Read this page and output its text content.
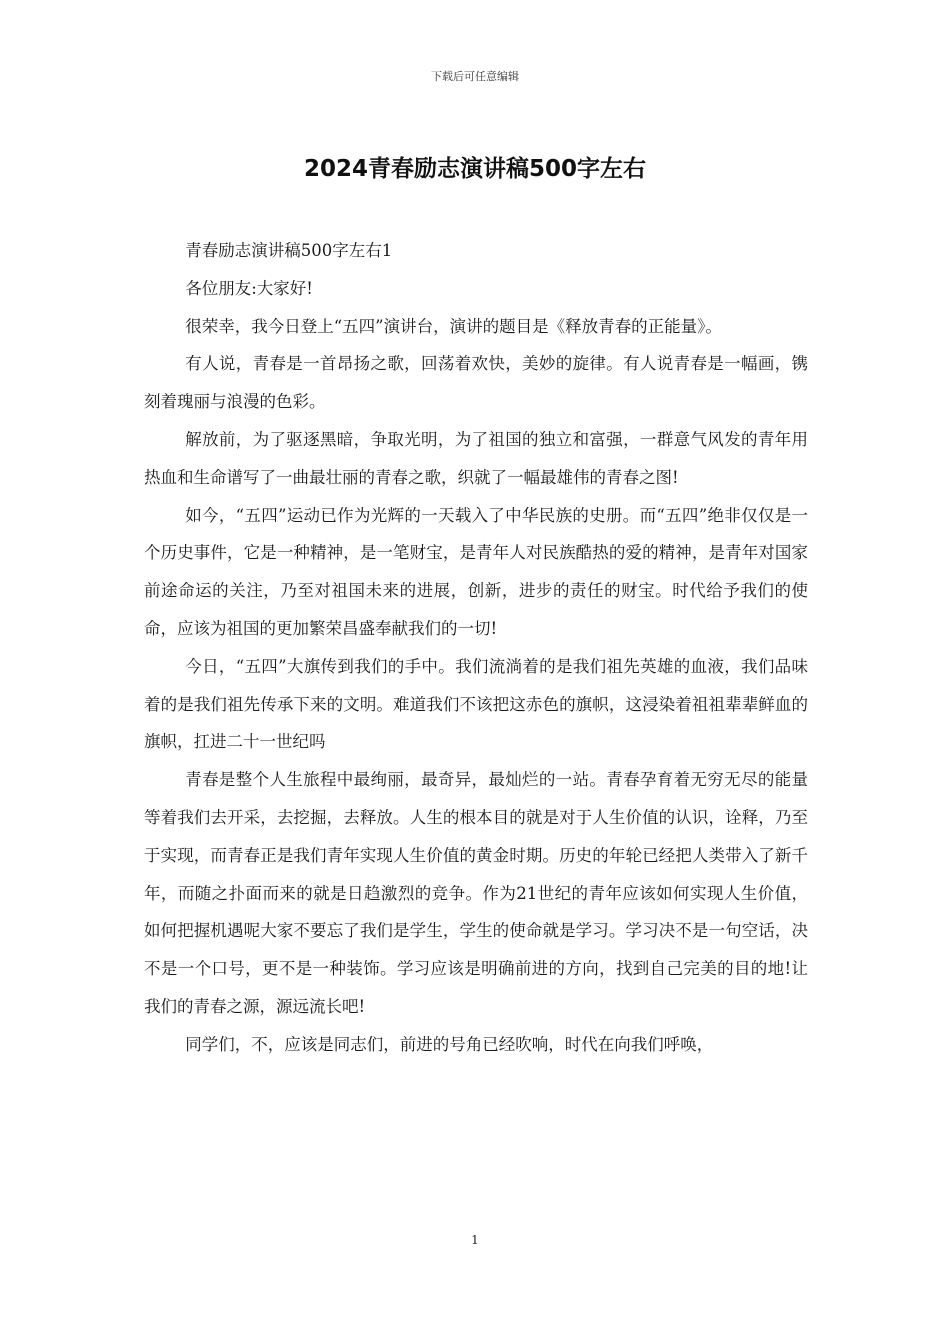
下载后可任意编辑
2024青春励志演讲稿500字左右

青春励志演讲稿500字左右1

各位朋友:大家好!

很荣幸，我今日登上“五四”演讲台，演讲的题目是《释放青春的正能量》。

有人说，青春是一首昂扬之歌，回荡着欢快，美妙的旋律。有人说青春是一幅画，镌刻着瑰丽与浪漫的色彩。

解放前，为了驱逐黑暗，争取光明，为了祖国的独立和富强，一群意气风发的青年用热血和生命谱写了一曲最壮丽的青春之歌，织就了一幅最雄伟的青春之图!

如今，“五四”运动已作为光辉的一天载入了中华民族的史册。而“五四”绝非仅仅是一个历史事件，它是一种精神，是一笔财宝，是青年人对民族酷热的爱的精神，是青年对国家前途命运的关注，乃至对祖国未来的进展，创新，进步的责任的财宝。时代给予我们的使命，应该为祖国的更加繁荣昌盛奉献我们的一切!

今日，“五四”大旗传到我们的手中。我们流淌着的是我们祖先英雄的血液，我们品味着的是我们祖先传承下来的文明。难道我们不该把这赤色的旗帜，这浸染着祖祖辈辈鲜血的旗帜，扛进二十一世纪吗

青春是整个人生旅程中最绚丽，最奇异，最灿烂的一站。青春孕育着无穷无尽的能量等着我们去开采，去挖掘，去释放。人生的根本目的就是对于人生价值的认识，诠释，乃至于实现，而青春正是我们青年实现人生价值的黄金时期。历史的年轮已经把人类带入了新千年，而随之扑面而来的就是日趋激烈的竞争。作为21世纪的青年应该如何实现人生价值，如何把握机遇呢大家不要忘了我们是学生，学生的使命就是学习。学习决不是一句空话，决不是一个口号，更不是一种装饰。学习应该是明确前进的方向，找到自己完美的目的地!让我们的青春之源，源远流长吧!

同学们，不，应该是同志们，前进的号角已经吹响，时代在向我们呼唤，

1
